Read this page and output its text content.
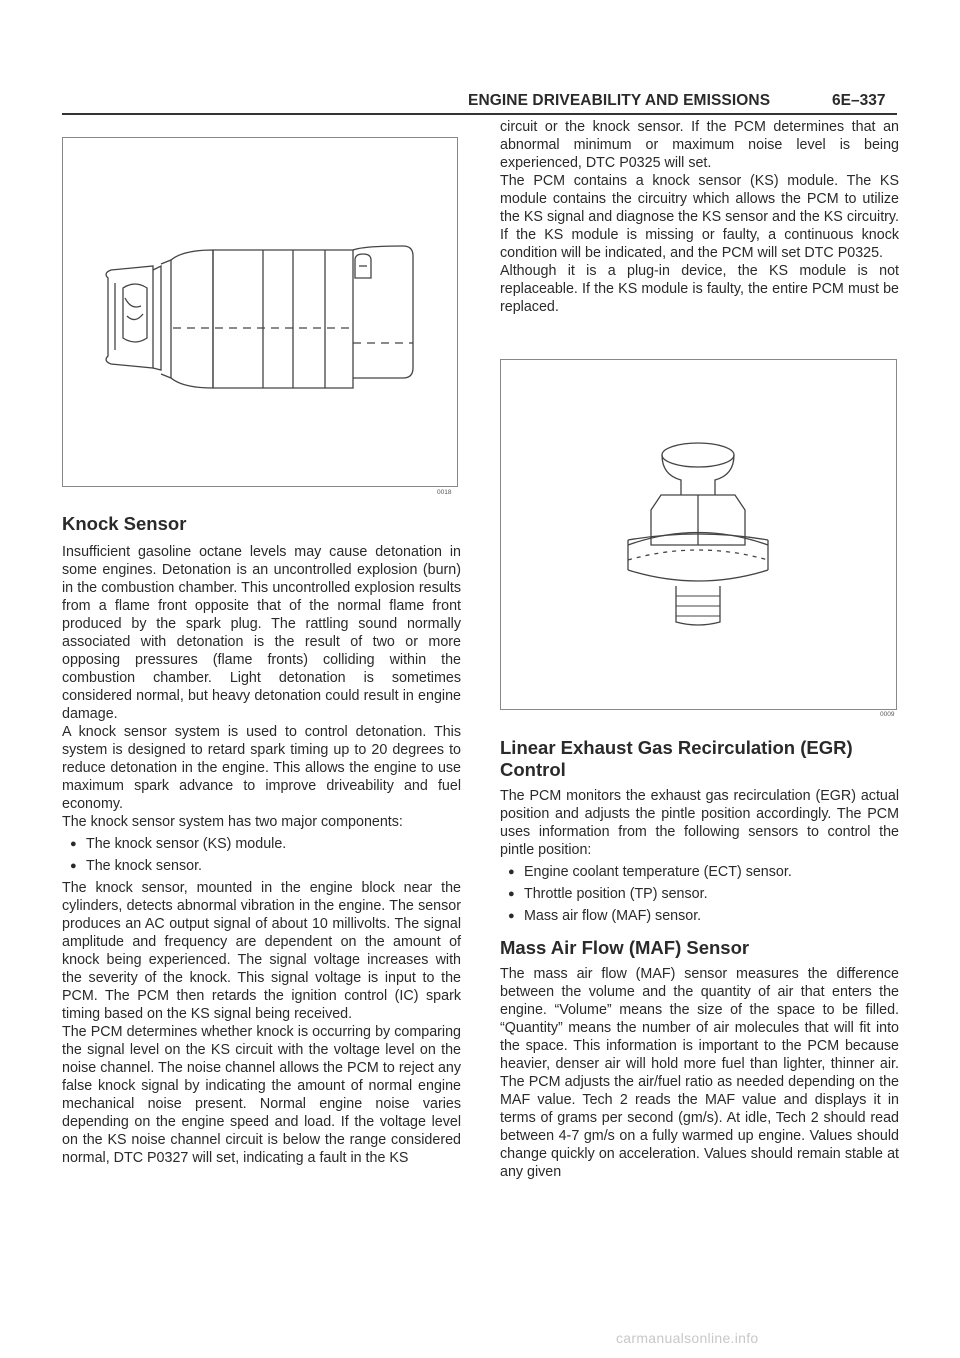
ENGINE DRIVEABILITY AND EMISSIONS	6E–337
0018
Knock Sensor

Insufficient gasoline octane levels may cause detonation in some engines. Detonation is an uncontrolled explosion (burn) in the combustion chamber. This uncontrolled explosion results from a flame front opposite that of the normal flame front produced by the spark plug. The rattling sound normally associated with detonation is the result of two or more opposing pressures (flame fronts) colliding within the combustion chamber. Light detonation is sometimes considered normal, but heavy detonation could result in engine damage.

A knock sensor system is used to control detonation. This system is designed to retard spark timing up to 20 degrees to reduce detonation in the engine. This allows the engine to use maximum spark advance to improve driveability and fuel economy.

The knock sensor system has two major components:

● The knock sensor (KS) module.
● The knock sensor.

The knock sensor, mounted in the engine block near the cylinders, detects abnormal vibration in the engine. The sensor produces an AC output signal of about 10 millivolts. The signal amplitude and frequency are dependent on the amount of knock being experienced. The signal voltage increases with the severity of the knock. This signal voltage is input to the PCM. The PCM then retards the ignition control (IC) spark timing based on the KS signal being received.

The PCM determines whether knock is occurring by comparing the signal level on the KS circuit with the voltage level on the noise channel. The noise channel allows the PCM to reject any false knock signal by indicating the amount of normal engine mechanical noise present. Normal engine noise varies depending on the engine speed and load. If the voltage level on the KS noise channel circuit is below the range considered normal, DTC P0327 will set, indicating a fault in the KS

circuit or the knock sensor. If the PCM determines that an abnormal minimum or maximum noise level is being experienced, DTC P0325 will set.

The PCM contains a knock sensor (KS) module. The KS module contains the circuitry which allows the PCM to utilize the KS signal and diagnose the KS sensor and the KS circuitry. If the KS module is missing or faulty, a continuous knock condition will be indicated, and the PCM will set DTC P0325.

Although it is a plug-in device, the KS module is not replaceable. If the KS module is faulty, the entire PCM must be replaced.

0009
Linear Exhaust Gas Recirculation (EGR) Control

The PCM monitors the exhaust gas recirculation (EGR) actual position and adjusts the pintle position accordingly. The PCM uses information from the following sensors to control the pintle position:

● Engine coolant temperature (ECT) sensor.
● Throttle position (TP) sensor.
● Mass air flow (MAF) sensor.
Mass Air Flow (MAF) Sensor

The mass air flow (MAF) sensor measures the difference between the volume and the quantity of air that enters the engine. “Volume” means the size of the space to be filled. “Quantity” means the number of air molecules that will fit into the space. This information is important to the PCM because heavier, denser air will hold more fuel than lighter, thinner air. The PCM adjusts the air/fuel ratio as needed depending on the MAF value. Tech 2 reads the MAF value and displays it in terms of grams per second (gm/s). At idle, Tech 2 should read between 4-7 gm/s on a fully warmed up engine. Values should change quickly on acceleration. Values should remain stable at any given

carmanualsonline.info
